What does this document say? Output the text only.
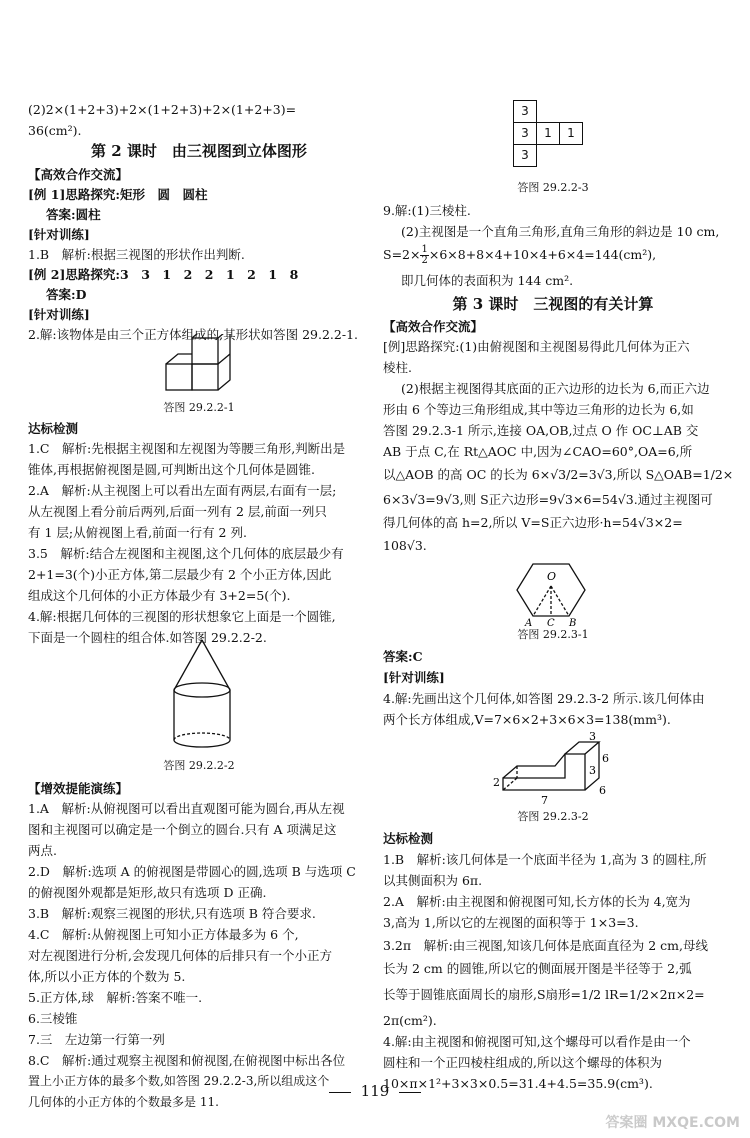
(2)2×(1+2+3)+2×(1+2+3)+2×(1+2+3)=
36(cm²).
第 2 课时　由三视图到立体图形
【高效合作交流】
[例 1]思路探究:矩形　圆　圆柱
答案:圆柱
[针对训练]
1.B　解析:根据三视图的形状作出判断.
[例 2]思路探究:3　3　1　2　2　1　2　1　8
答案:D
[针对训练]
2.解:该物体是由三个正方体组成的,其形状如答图 29.2.2-1.
答图 29.2.2-1
达标检测
1.C　解析:先根据主视图和左视图为等腰三角形,判断出是
锥体,再根据俯视图是圆,可判断出这个几何体是圆锥.
2.A　解析:从主视图上可以看出左面有两层,右面有一层;
从左视图上看分前后两列,后面一列有 2 层,前面一列只
有 1 层;从俯视图上看,前面一行有 2 列.
3.5　解析:结合左视图和主视图,这个几何体的底层最少有
2+1=3(个)小正方体,第二层最少有 2 个小正方体,因此
组成这个几何体的小正方体最少有 3+2=5(个).
4.解:根据几何体的三视图的形状想象它上面是一个圆锥,
下面是一个圆柱的组合体.如答图 29.2.2-2.
答图 29.2.2-2
【增效提能演练】
1.A　解析:从俯视图可以看出直观图可能为圆台,再从左视
图和主视图可以确定是一个倒立的圆台.只有 A 项满足这
两点.
2.D　解析:选项 A 的俯视图是带圆心的圆,选项 B 与选项 C
的俯视图外观都是矩形,故只有选项 D 正确.
3.B　解析:观察三视图的形状,只有选项 B 符合要求.
4.C　解析:从俯视图上可知小正方体最多为 6 个,
对左视图进行分析,会发现几何体的后排只有一个小正方
体,所以小正方体的个数为 5.
5.正方体,球　解析:答案不唯一.
6.三棱锥
7.三　左边第一行第一列
8.C　解析:通过观察主视图和俯视图,在俯视图中标出各位
置上小正方体的最多个数,如答图 29.2.2-3,所以组成这个
几何体的小正方体的个数最多是 11.
3		
3	1	1
3		
答图 29.2.2-3
9.解:(1)三棱柱.
(2)主视图是一个直角三角形,直角三角形的斜边是 10 cm,
$S=2\times \frac{1}{2} \times 6\times 8+8\times 4+10\times 4+6\times 4=144(cm^2)$,
即几何体的表面积为 144 cm².
第 3 课时　三视图的有关计算
【高效合作交流】
[例]思路探究:(1)由俯视图和主视图易得此几何体为正六
棱柱.
(2)根据主视图得其底面的正六边形的边长为 6,而正六边
形由 6 个等边三角形组成,其中等边三角形的边长为 6,如
答图 29.2.3-1 所示,连接 OA,OB,过点 O 作 OC⊥AB 交
AB 于点 C,在 Rt△AOC 中,因为∠CAO=60°,OA=6,所
以△AOB 的高 OC 的长为 6×√3/2=3√3,所以 S△OAB=1/2×
6×3√3=9√3,则 S正六边形=9√3×6=54√3.通过主视图可
得几何体的高 h=2,所以 V=S正六边形·h=54√3×2=
108√3.
O
A C B
答图 29.2.3-1
答案:C
[针对训练]
4.解:先画出这个几何体,如答图 29.2.3-2 所示.该几何体由
两个长方体组成,V=7×6×2+3×6×3=138(mm³).
3
6
3
2
6
7
答图 29.2.3-2
达标检测
1.B　解析:该几何体是一个底面半径为 1,高为 3 的圆柱,所
以其侧面积为 6π.
2.A　解析:由主视图和俯视图可知,长方体的长为 4,宽为
3,高为 1,所以它的左视图的面积等于 1×3=3.
3.2π　解析:由三视图,知该几何体是底面直径为 2 cm,母线
长为 2 cm 的圆锥,所以它的侧面展开图是半径等于 2,弧
长等于圆锥底面周长的扇形,S扇形=1/2 lR=1/2×2π×2=
2π(cm²).
4.解:由主视图和俯视图可知,这个螺母可以看作是由一个
圆柱和一个正四棱柱组成的,所以这个螺母的体积为
10×π×1²+3×3×0.5=31.4+4.5=35.9(cm³).
119
答案圈 MXQE.COM
